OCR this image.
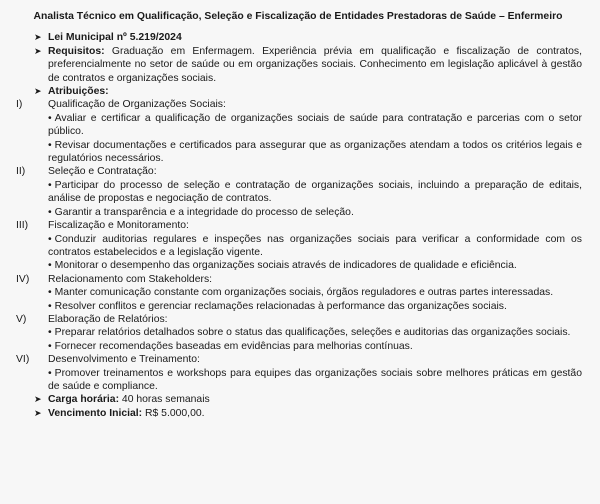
Analista Técnico em Qualificação, Seleção e Fiscalização de Entidades Prestadoras de Saúde – Enfermeiro
➤ Lei Municipal nº 5.219/2024
➤ Requisitos: Graduação em Enfermagem. Experiência prévia em qualificação e fiscalização de contratos, preferencialmente no setor de saúde ou em organizações sociais. Conhecimento em legislação aplicável à gestão de contratos e organizações sociais.
➤ Atribuições:
I) Qualificação de Organizações Sociais:
• Avaliar e certificar a qualificação de organizações sociais de saúde para contratação e parcerias com o setor público.
• Revisar documentações e certificados para assegurar que as organizações atendam a todos os critérios legais e regulatórios necessários.
II) Seleção e Contratação:
• Participar do processo de seleção e contratação de organizações sociais, incluindo a preparação de editais, análise de propostas e negociação de contratos.
• Garantir a transparência e a integridade do processo de seleção.
III) Fiscalização e Monitoramento:
• Conduzir auditorias regulares e inspeções nas organizações sociais para verificar a conformidade com os contratos estabelecidos e a legislação vigente.
• Monitorar o desempenho das organizações sociais através de indicadores de qualidade e eficiência.
IV) Relacionamento com Stakeholders:
• Manter comunicação constante com organizações sociais, órgãos reguladores e outras partes interessadas.
• Resolver conflitos e gerenciar reclamações relacionadas à performance das organizações sociais.
V) Elaboração de Relatórios:
• Preparar relatórios detalhados sobre o status das qualificações, seleções e auditorias das organizações sociais.
• Fornecer recomendações baseadas em evidências para melhorias contínuas.
VI) Desenvolvimento e Treinamento:
• Promover treinamentos e workshops para equipes das organizações sociais sobre melhores práticas em gestão de saúde e compliance.
➤ Carga horária: 40 horas semanais
➤ Vencimento Inicial: R$ 5.000,00.
